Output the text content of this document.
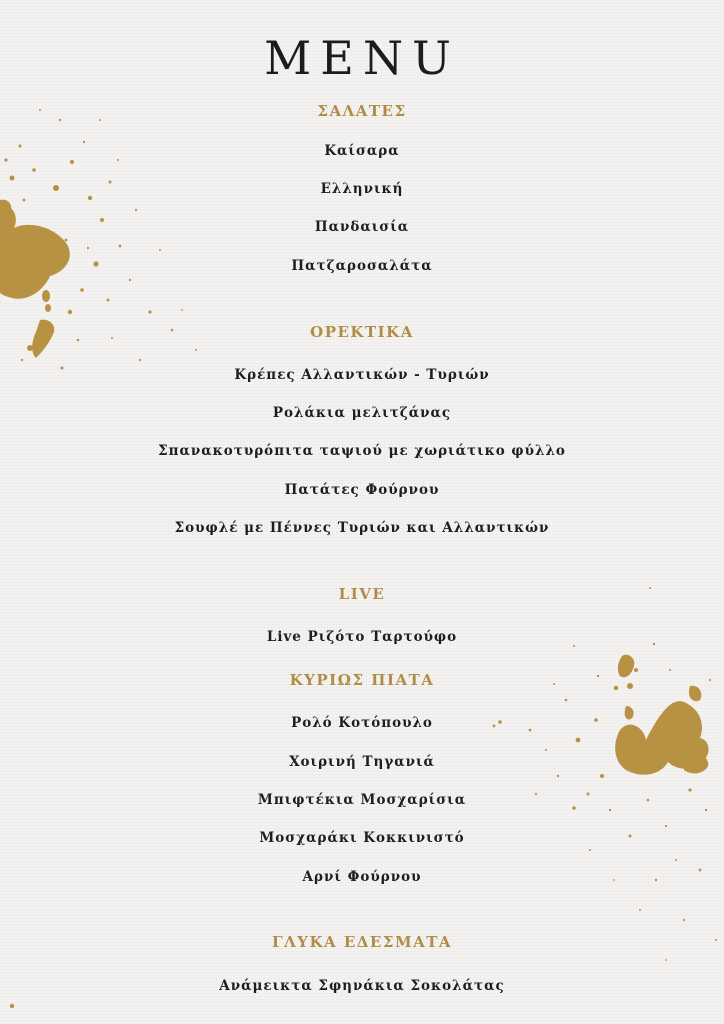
MENU
ΣΑΛΑΤΕΣ
Καίσαρα
Ελληνική
Πανδαισία
Πατζαροσαλάτα
ΟΡΕΚΤΙΚΑ
Κρέπες Αλλαντικών - Τυριών
Ρολάκια μελιτζάνας
Σπανακοτυρόπιτα ταψιού με χωριάτικο φύλλο
Πατάτες Φούρνου
Σουφλέ με Πέννες Τυριών και Αλλαντικών
LIVE
Live Ριζότο Ταρτούφο
ΚΥΡΙΩΣ ΠΙΑΤΑ
Ρολό Κοτόπουλο
Χοιρινή Τηγανιά
Μπιφτέκια Μοσχαρίσια
Μοσχαράκι Κοκκινιστό
Αρνί Φούρνου
ΓΛΥΚΑ ΕΔΕΣΜΑΤΑ
Ανάμεικτα Σφηνάκια Σοκολάτας
